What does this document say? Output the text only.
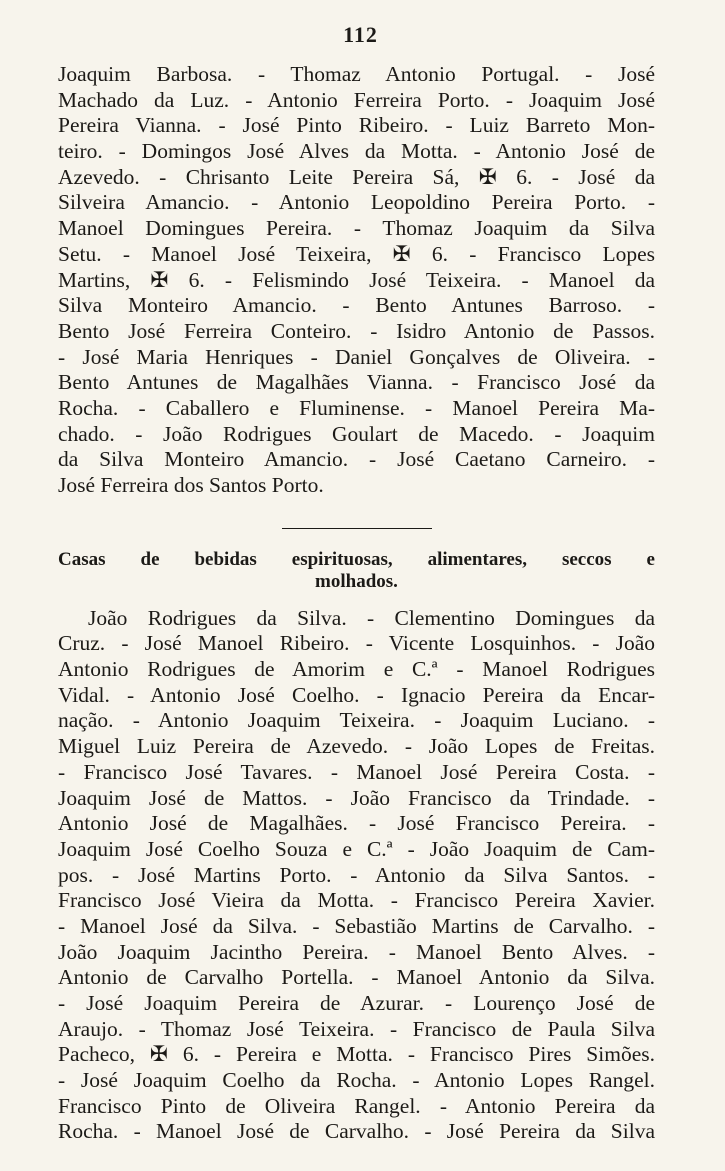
112
Joaquim Barbosa. - Thomaz Antonio Portugal. - José
Machado da Luz. - Antonio Ferreira Porto. - Joaquim José
Pereira Vianna. - José Pinto Ribeiro. - Luiz Barreto Mon-
teiro. - Domingos José Alves da Motta. - Antonio José de
Azevedo. - Chrisanto Leite Pereira Sá, ✠ 6. - José da
Silveira Amancio. - Antonio Leopoldino Pereira Porto. -
Manoel Domingues Pereira. - Thomaz Joaquim da Silva
Setu. - Manoel José Teixeira, ✠ 6. - Francisco Lopes
Martins, ✠ 6. - Felismindo José Teixeira. - Manoel da
Silva Monteiro Amancio. - Bento Antunes Barroso. -
Bento José Ferreira Conteiro. - Isidro Antonio de Passos.
- José Maria Henriques - Daniel Gonçalves de Oliveira. -
Bento Antunes de Magalhães Vianna. - Francisco José da
Rocha. - Caballero e Fluminense. - Manoel Pereira Ma-
chado. - João Rodrigues Goulart de Macedo. - Joaquim
da Silva Monteiro Amancio. - José Caetano Carneiro. -
José Ferreira dos Santos Porto.
Casas de bebidas espirituosas, alimentares, seccos e
molhados.
João Rodrigues da Silva. - Clementino Domingues da
Cruz. - José Manoel Ribeiro. - Vicente Losquinhos. - João
Antonio Rodrigues de Amorim e C.ª - Manoel Rodrigues
Vidal. - Antonio José Coelho. - Ignacio Pereira da Encar-
nação. - Antonio Joaquim Teixeira. - Joaquim Luciano. -
Miguel Luiz Pereira de Azevedo. - João Lopes de Freitas.
- Francisco José Tavares. - Manoel José Pereira Costa. -
Joaquim José de Mattos. - João Francisco da Trindade. -
Antonio José de Magalhães. - José Francisco Pereira. -
Joaquim José Coelho Souza e C.ª - João Joaquim de Cam-
pos. - José Martins Porto. - Antonio da Silva Santos. -
Francisco José Vieira da Motta. - Francisco Pereira Xavier.
- Manoel José da Silva. - Sebastião Martins de Carvalho. -
João Joaquim Jacintho Pereira. - Manoel Bento Alves. -
Antonio de Carvalho Portella. - Manoel Antonio da Silva.
- José Joaquim Pereira de Azurar. - Lourenço José de
Araujo. - Thomaz José Teixeira. - Francisco de Paula Silva
Pacheco, ✠ 6. - Pereira e Motta. - Francisco Pires Simões.
- José Joaquim Coelho da Rocha. - Antonio Lopes Rangel.
Francisco Pinto de Oliveira Rangel. - Antonio Pereira da
Rocha. - Manoel José de Carvalho. - José Pereira da Silva
